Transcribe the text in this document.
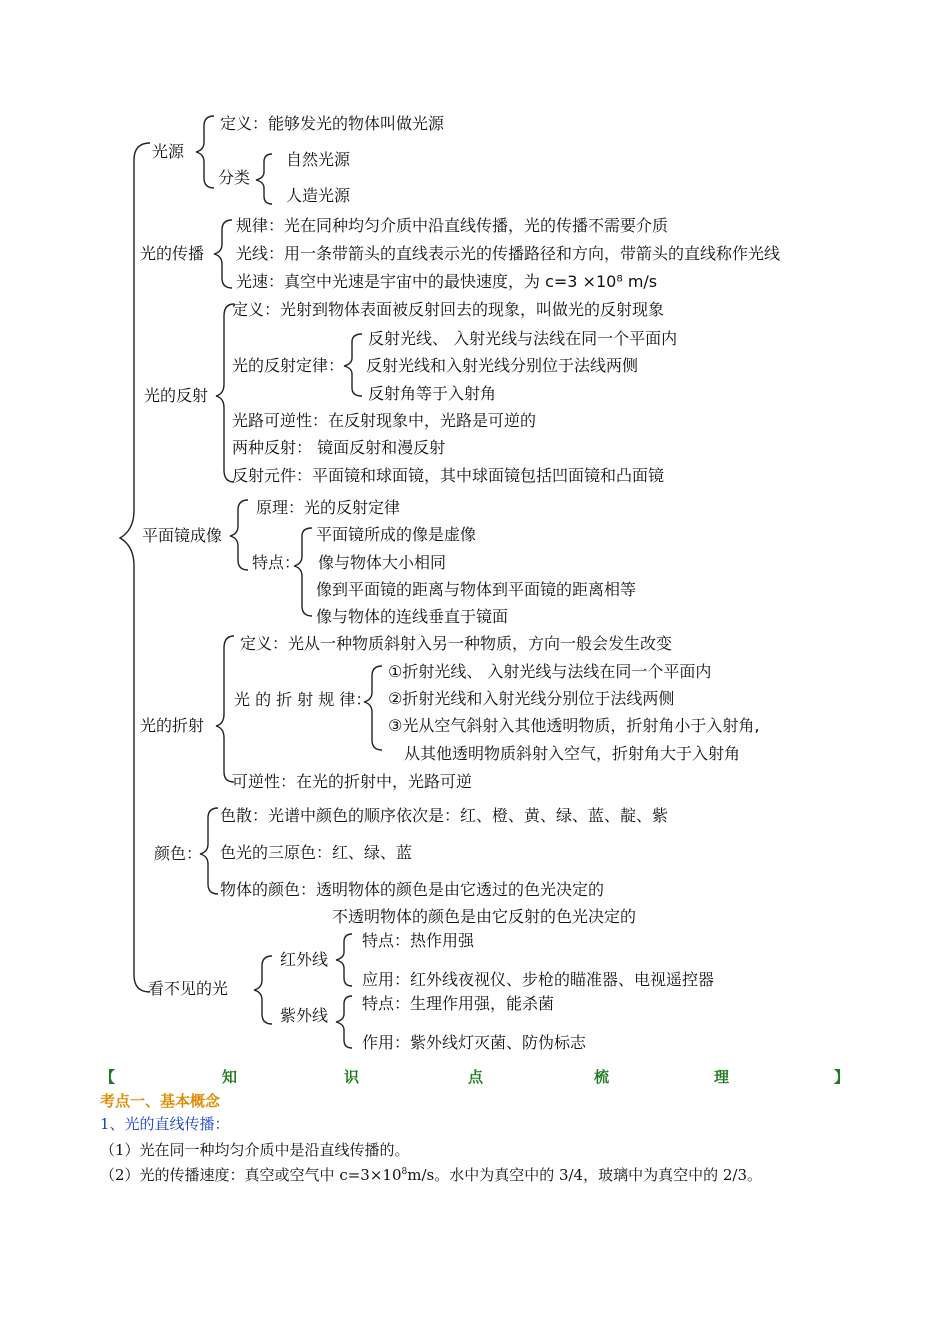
光源
定义：能够发光的物体叫做光源
分类
自然光源
人造光源
光的传播
规律：光在同种均匀介质中沿直线传播，光的传播不需要介质
光线：用一条带箭头的直线表示光的传播路径和方向，带箭头的直线称作光线
光速：真空中光速是宇宙中的最快速度，为 c=3 ×10⁸ m/s
光的反射
定义：光射到物体表面被反射回去的现象，叫做光的反射现象
光的反射定律：
反射光线、 入射光线与法线在同一个平面内
反射光线和入射光线分别位于法线两侧
反射角等于入射角
光路可逆性：在反射现象中，光路是可逆的
两种反射： 镜面反射和漫反射
反射元件：平面镜和球面镜，其中球面镜包括凹面镜和凸面镜
平面镜成像
原理：光的反射定律
特点：
平面镜所成的像是虚像
像与物体大小相同
像到平面镜的距离与物体到平面镜的距离相等
像与物体的连线垂直于镜面
光的折射
定义：光从一种物质斜射入另一种物质，方向一般会发生改变
光 的 折 射 规 律：
①折射光线、 入射光线与法线在同一个平面内
②折射光线和入射光线分别位于法线两侧
③光从空气斜射入其他透明物质，折射角小于入射角,
从其他透明物质斜射入空气，折射角大于入射角
可逆性：在光的折射中，光路可逆
颜色：
色散：光谱中颜色的顺序依次是：红、橙、黄、绿、蓝、靛、紫
色光的三原色：红、绿、蓝
物体的颜色：透明物体的颜色是由它透过的色光决定的
不透明物体的颜色是由它反射的色光决定的
看不见的光
红外线
特点：热作用强
应用：红外线夜视仪、步枪的瞄准器、电视遥控器
紫外线
特点：生理作用强，能杀菌
作用：紫外线灯灭菌、防伪标志
【	知	识	点	梳	理	】
考点一、基本概念
1、光的直线传播：
（1）光在同一种均匀介质中是沿直线传播的。
（2）光的传播速度：真空或空气中 $c=3\times 10^8m/s$。水中为真空中的 3/4，玻璃中为真空中的 2/3。
